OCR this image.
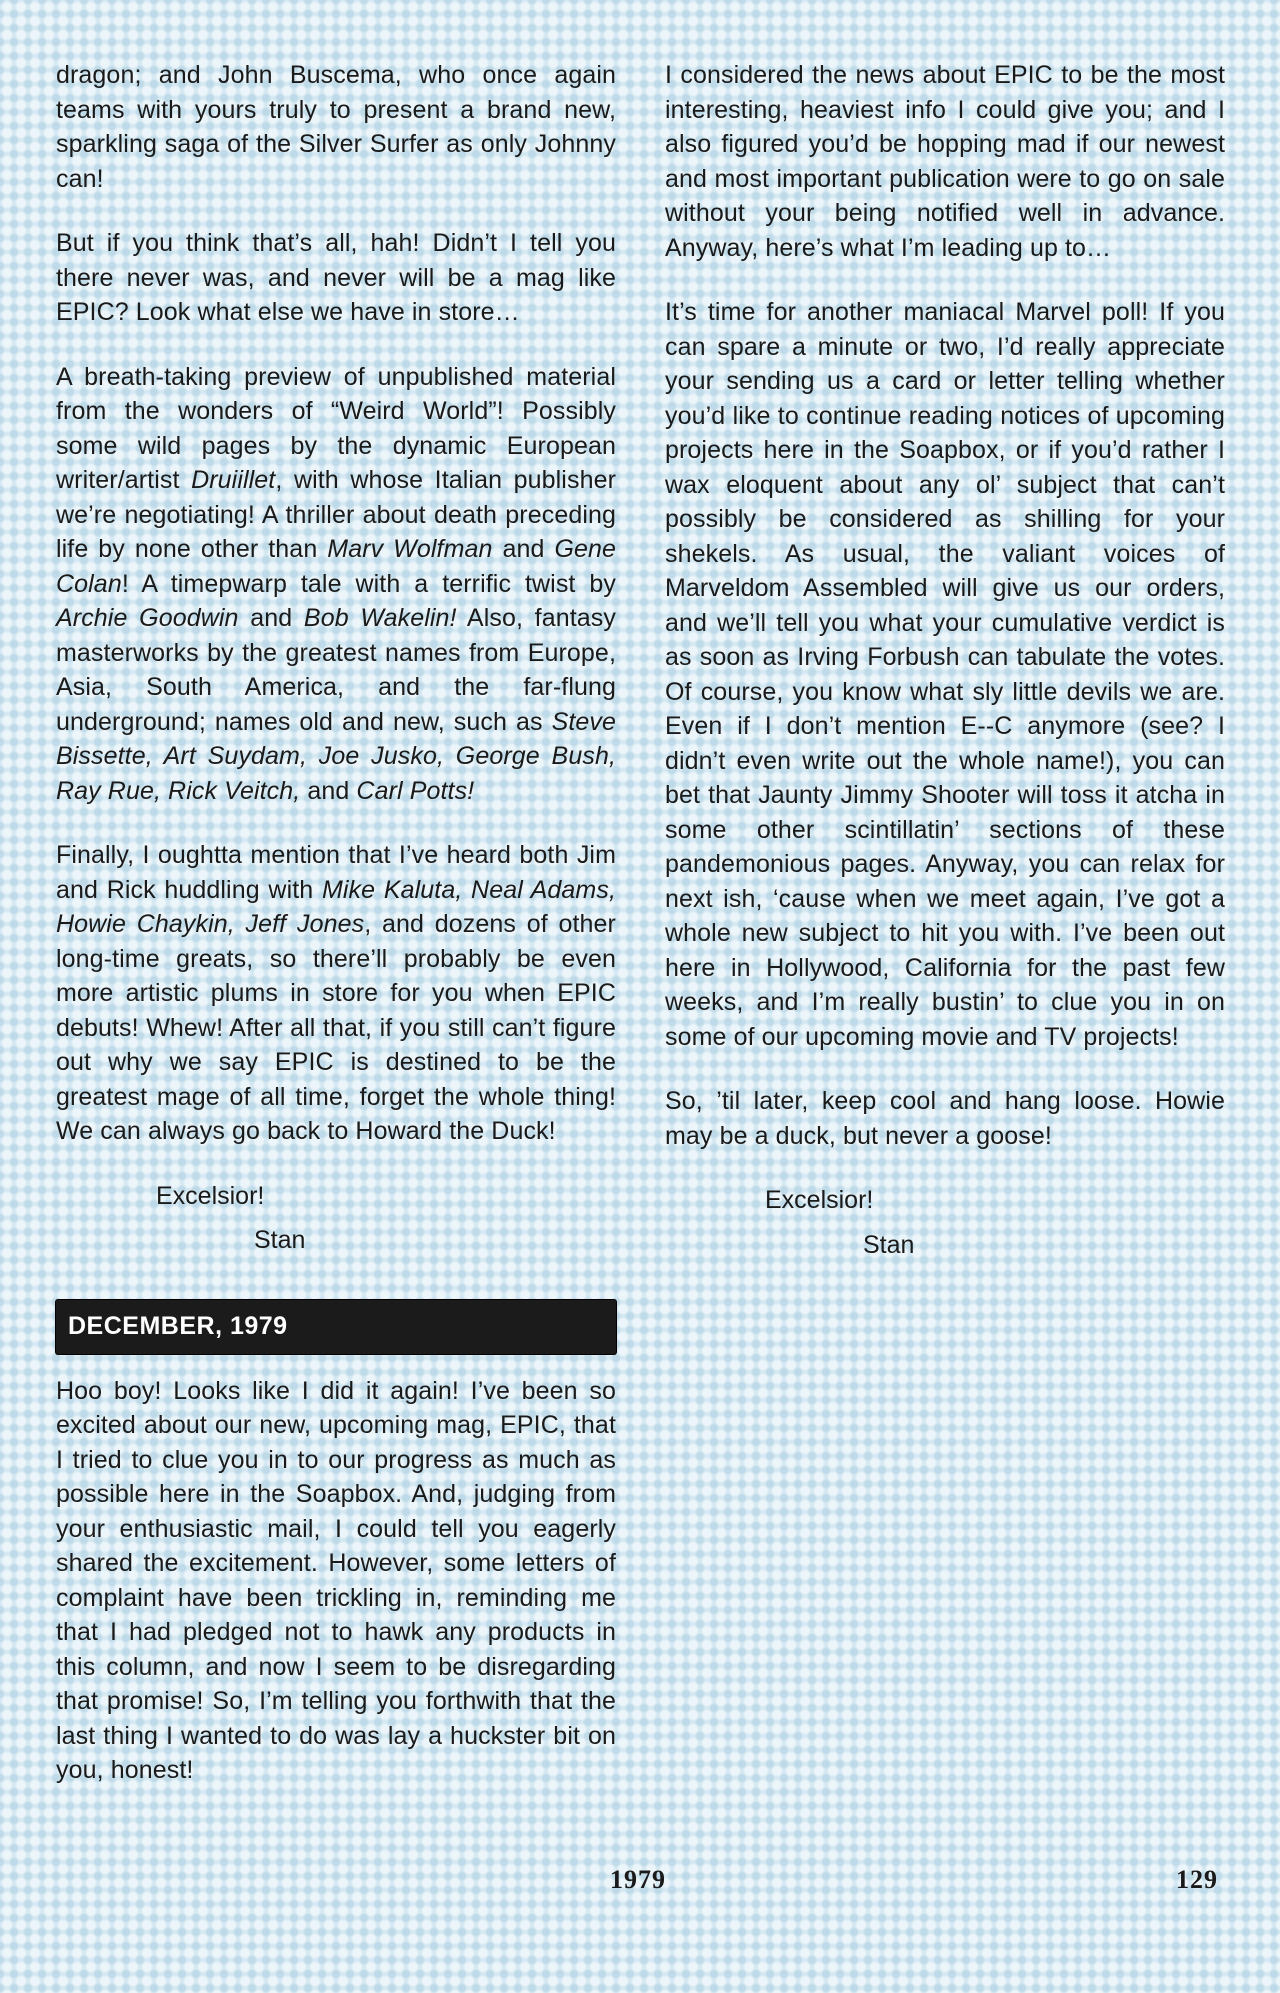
dragon; and John Buscema, who once again teams with yours truly to present a brand new, sparkling saga of the Silver Surfer as only Johnny can!

But if you think that’s all, hah! Didn’t I tell you there never was, and never will be a mag like EPIC? Look what else we have in store…

A breath-taking preview of unpublished material from the wonders of “Weird World”! Possibly some wild pages by the dynamic European writer/artist Druiillet, with whose Italian publisher we’re negotiating! A thriller about death preceding life by none other than Marv Wolfman and Gene Colan! A timepwarp tale with a terrific twist by Archie Goodwin and Bob Wakelin! Also, fantasy masterworks by the greatest names from Europe, Asia, South America, and the far-flung underground; names old and new, such as Steve Bissette, Art Suydam, Joe Jusko, George Bush, Ray Rue, Rick Veitch, and Carl Potts!

Finally, I oughtta mention that I’ve heard both Jim and Rick huddling with Mike Kaluta, Neal Adams, Howie Chaykin, Jeff Jones, and dozens of other long-time greats, so there’ll probably be even more artistic plums in store for you when EPIC debuts! Whew! After all that, if you still can’t figure out why we say EPIC is destined to be the greatest mage of all time, forget the whole thing! We can always go back to Howard the Duck!

Excelsior!
Stan
DECEMBER, 1979

Hoo boy! Looks like I did it again! I’ve been so excited about our new, upcoming mag, EPIC, that I tried to clue you in to our progress as much as possible here in the Soapbox. And, judging from your enthusiastic mail, I could tell you eagerly shared the excitement. However, some letters of complaint have been trickling in, reminding me that I had pledged not to hawk any products in this column, and now I seem to be disregarding that promise! So, I’m telling you forthwith that the last thing I wanted to do was lay a huckster bit on you, honest!

I considered the news about EPIC to be the most interesting, heaviest info I could give you; and I also figured you’d be hopping mad if our newest and most important publication were to go on sale without your being notified well in advance. Anyway, here’s what I’m leading up to…

It’s time for another maniacal Marvel poll! If you can spare a minute or two, I’d really appreciate your sending us a card or letter telling whether you’d like to continue reading notices of upcoming projects here in the Soapbox, or if you’d rather I wax eloquent about any ol’ subject that can’t possibly be considered as shilling for your shekels. As usual, the valiant voices of Marveldom Assembled will give us our orders, and we’ll tell you what your cumulative verdict is as soon as Irving Forbush can tabulate the votes. Of course, you know what sly little devils we are. Even if I don’t mention E--C anymore (see? I didn’t even write out the whole name!), you can bet that Jaunty Jimmy Shooter will toss it atcha in some other scintillatin’ sections of these pandemonious pages. Anyway, you can relax for next ish, ‘cause when we meet again, I’ve got a whole new subject to hit you with. I’ve been out here in Hollywood, California for the past few weeks, and I’m really bustin’ to clue you in on some of our upcoming movie and TV projects!

So, ’til later, keep cool and hang loose. Howie may be a duck, but never a goose!

Excelsior!
Stan
1979	129
